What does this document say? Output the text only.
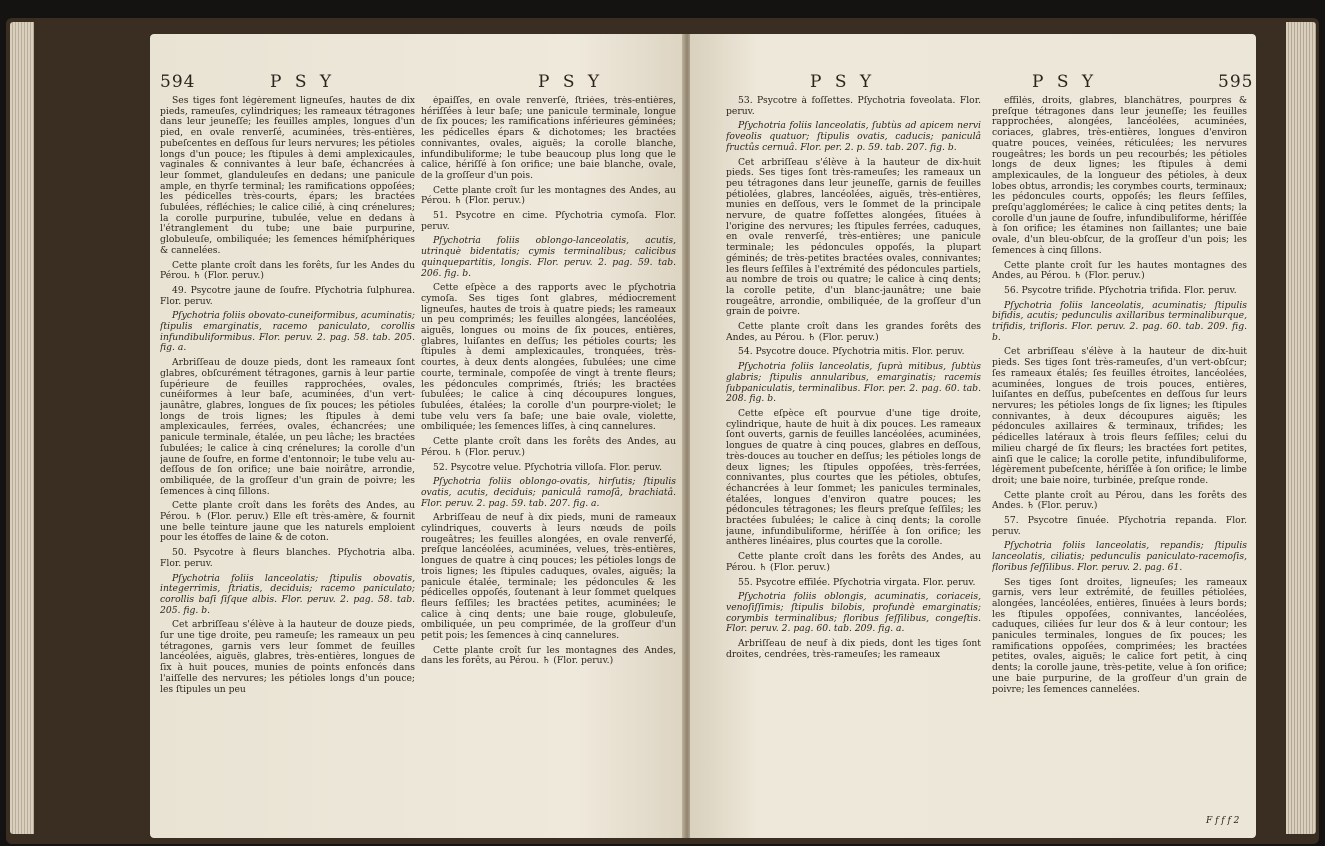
594	P S Y	P S Y

Ses tiges font légèrement ligneuſes, hautes de dix pieds, rameuſes, cylindriques; les rameaux tétragones dans leur jeuneſſe; les feuilles amples, longues d'un pied, en ovale renverſé, acuminées, très-entières, pubeſcentes en deſſous ſur leurs nervures; les pétioles longs d'un pouce; les ſtipules à demi amplexicaules, vaginales & connivantes à leur baſe, échancrées à leur ſommet, glanduleuſes en dedans; une panicule ample, en thyrſe terminal; les ramifications oppoſées; les pédicelles très-courts, épars; les bractées ſubulées, réfléchies; le calice cilié, à cinq crénelures; la corolle purpurine, tubulée, velue en dedans à l'étranglement du tube; une baie purpurine, globuleuſe, ombiliquée; les ſemences hémiſphériques & cannelées.

Cette plante croît dans les forêts, ſur les Andes du Pérou. ♄ (Flor. peruv.)

49. Psycotre jaune de ſoufre. Pſychotria ſulphurea. Flor. peruv.

Pſychotria foliis obovato-cuneiformibus, acuminatis; ſtipulis emarginatis, racemo paniculato, corollis infundibuliformibus. Flor. peruv. 2. pag. 58. tab. 205. fig. a.

Arbriſſeau de douze pieds, dont les rameaux ſont glabres, obſcurément tétragones, garnis à leur partie ſupérieure de feuilles rapprochées, ovales, cunéiformes à leur baſe, acuminées, d'un vert-jaunâtre, glabres, longues de ſix pouces; les pétioles longs de trois lignes; les ſtipules à demi amplexicaules, ferrées, ovales, échancrées; une panicule terminale, étalée, un peu lâche; les bractées ſubulées; le calice à cinq crénelures; la corolle d'un jaune de ſoufre, en forme d'entonnoir; le tube velu au-deſſous de ſon orifice; une baie noirâtre, arrondie, ombiliquée, de la groſſeur d'un grain de poivre; les ſemences à cinq ſillons.

Cette plante croît dans les forêts des Andes, au Pérou. ♄ (Flor. peruv.) Elle eſt très-amère, & fournit une belle teinture jaune que les naturels emploient pour les étoffes de laine & de coton.

50. Psycotre à fleurs blanches. Pſychotria alba. Flor. peruv.

Pſychotria foliis lanceolatis; ſtipulis obovatis, integerrimis, ſtriatis, deciduis; racemo paniculato; corollis baſi ſiſque albis. Flor. peruv. 2. pag. 58. tab. 205. fig. b.

Cet arbriſſeau s'élève à la hauteur de douze pieds, ſur une tige droite, peu rameuſe; les rameaux un peu tétragones, garnis vers leur ſommet de feuilles lancéolées, aiguës, glabres, très-entières, longues de ſix à huit pouces, munies de points enfoncés dans l'aiſſelle des nervures; les pétioles longs d'un pouce; les ſtipules un peu

épaiſſes, en ovale renverſé, ſtriées, très-entières, hériſſées à leur baſe; une panicule terminale, longue de ſix pouces; les ramifications inférieures géminées; les pédicelles épars & dichotomes; les bractées connivantes, ovales, aiguës; la corolle blanche, infundibuliforme; le tube beaucoup plus long que le calice, hériſſé à ſon orifice; une baie blanche, ovale, de la groſſeur d'un pois.

Cette plante croît ſur les montagnes des Andes, au Pérou. ♄ (Flor. peruv.)

51. Psycotre en cime. Pſychotria cymoſa. Flor. peruv.

Pſychotria foliis oblongo-lanceolatis, acutis, utrinquè bidentatis; cymis terminalibus; calicibus quinquepartitis, longis. Flor. peruv. 2. pag. 59. tab. 206. fig. b.

Cette eſpèce a des rapports avec le pſychotria cymoſa. Ses tiges ſont glabres, médiocrement ligneuſes, hautes de trois à quatre pieds; les rameaux un peu comprimés; les feuilles alongées, lancéolées, aiguës, longues ou moins de ſix pouces, entières, glabres, luiſantes en deſſus; les pétioles courts; les ſtipules à demi amplexicaules, tronquées, très-courtes, à deux dents alongées, ſubulées; une cime courte, terminale, compoſée de vingt à trente fleurs; les pédoncules comprimés, ſtriés; les bractées ſubulées; le calice à cinq découpures longues, ſubulées, étalées; la corolle d'un pourpre-violet; le tube velu vers ſa baſe; une baie ovale, violette, ombiliquée; les ſemences liſſes, à cinq cannelures.

Cette plante croît dans les forêts des Andes, au Pérou. ♄ (Flor. peruv.)

52. Psycotre velue. Pſychotria villoſa. Flor. peruv.

Pſychotria foliis oblongo-ovatis, hirſutis; ſtipulis ovatis, acutis, deciduis; paniculâ ramoſâ, brachiatâ. Flor. peruv. 2. pag. 59. tab. 207. fig. a.

Arbriſſeau de neuf à dix pieds, muni de rameaux cylindriques, couverts à leurs nœuds de poils rougeâtres; les feuilles alongées, en ovale renverſé, preſque lancéolées, acuminées, velues, très-entières, longues de quatre à cinq pouces; les pétioles longs de trois lignes; les ſtipules caduques, ovales, aiguës; la panicule étalée, terminale; les pédoncules & les pédicelles oppoſés, ſoutenant à leur ſommet quelques fleurs ſeſſiles; les bractées petites, acuminées; le calice à cinq dents; une baie rouge, globuleuſe, ombiliquée, un peu comprimée, de la groſſeur d'un petit pois; les ſemences à cinq cannelures.

Cette plante croît ſur les montagnes des Andes, dans les forêts, au Pérou. ♄ (Flor. peruv.)

P S Y	P S Y	595

53. Psycotre à foſſettes. Pſychotria foveolata. Flor. peruv.

Pſychotria foliis lanceolatis, ſubtùs ad apicem nervi foveolis quatuor; ſtipulis ovatis, caducis; paniculâ fructûs cernuâ. Flor. per. 2. p. 59. tab. 207. fig. b.

Cet arbriſſeau s'élève à la hauteur de dix-huit pieds. Ses tiges ſont très-rameuſes; les rameaux un peu tétragones dans leur jeuneſſe, garnis de feuilles pétiolées, glabres, lancéolées, aiguës, très-entières, munies en deſſous, vers le ſommet de la principale nervure, de quatre foſſettes alongées, ſituées à l'origine des nervures; les ſtipules ferrées, caduques, en ovale renverſé, très-entières; une panicule terminale; les pédoncules oppoſés, la plupart géminés; de très-petites bractées ovales, connivantes; les fleurs ſeſſiles à l'extrémité des pédoncules partiels, au nombre de trois ou quatre; le calice à cinq dents; la corolle petite, d'un blanc-jaunâtre; une baie rougeâtre, arrondie, ombiliquée, de la groſſeur d'un grain de poivre.

Cette plante croît dans les grandes forêts des Andes, au Pérou. ♄ (Flor. peruv.)

54. Psycotre douce. Pſychotria mitis. Flor. peruv.

Pſychotria foliis lanceolatis, ſuprà mitibus, ſubtùs glabris; ſtipulis annularibus, emarginatis; racemis ſubpaniculatis, terminalibus. Flor. per. 2. pag. 60. tab. 208. fig. b.

Cette eſpèce eſt pourvue d'une tige droite, cylindrique, haute de huit à dix pouces. Les rameaux ſont ouverts, garnis de feuilles lancéolées, acuminées, longues de quatre à cinq pouces, glabres en deſſous, très-douces au toucher en deſſus; les pétioles longs de deux lignes; les ſtipules oppoſées, très-ferrées, connivantes, plus courtes que les pétioles, obtuſes, échancrées à leur ſommet; les panicules terminales, étalées, longues d'environ quatre pouces; les pédoncules tétragones; les fleurs preſque ſeſſiles; les bractées ſubulées; le calice à cinq dents; la corolle jaune, infundibuliforme, hériſſée à ſon orifice; les anthères linéaires, plus courtes que la corolle.

Cette plante croît dans les forêts des Andes, au Pérou. ♄ (Flor. peruv.)

55. Psycotre effilée. Pſychotria virgata. Flor. peruv.

Pſychotria foliis oblongis, acuminatis, coriaceis, venoſiſſimis; ſtipulis bilobis, profundè emarginatis; corymbis terminalibus; floribus ſeſſilibus, congeſtis. Flor. peruv. 2. pag. 60. tab. 209. fig. a.

Arbriſſeau de neuf à dix pieds, dont les tiges ſont droites, cendrées, très-rameuſes; les rameaux

effilés, droits, glabres, blanchâtres, pourpres & preſque tétragones dans leur jeuneſſe; les feuilles rapprochées, alongées, lancéolées, acuminées, coriaces, glabres, très-entières, longues d'environ quatre pouces, veinées, réticulées; les nervures rougeâtres; les bords un peu recourbés; les pétioles longs de deux lignes; les ſtipules à demi amplexicaules, de la longueur des pétioles, à deux lobes obtus, arrondis; les corymbes courts, terminaux; les pédoncules courts, oppoſés; les fleurs ſeſſiles, preſqu'agglomérées; le calice à cinq petites dents; la corolle d'un jaune de ſoufre, infundibuliforme, hériſſée à ſon orifice; les étamines non ſaillantes; une baie ovale, d'un bleu-obſcur, de la groſſeur d'un pois; les ſemences à cinq ſillons.

Cette plante croît ſur les hautes montagnes des Andes, au Pérou. ♄ (Flor. peruv.)

56. Psycotre trifide. Pſychotria trifida. Flor. peruv.

Pſychotria foliis lanceolatis, acuminatis; ſtipulis bifidis, acutis; pedunculis axillaribus terminaliburque, trifidis, trifloris. Flor. peruv. 2. pag. 60. tab. 209. fig. b.

Cet arbriſſeau s'élève à la hauteur de dix-huit pieds. Ses tiges ſont très-rameuſes, d'un vert-obſcur; ſes rameaux étalés; ſes feuilles étroites, lancéolées, acuminées, longues de trois pouces, entières, luiſantes en deſſus, pubeſcentes en deſſous ſur leurs nervures; les pétioles longs de ſix lignes; les ſtipules connivantes, à deux découpures aiguës; les pédoncules axillaires & terminaux, trifides; les pédicelles latéraux à trois fleurs ſeſſiles; celui du milieu chargé de ſix fleurs; les bractées fort petites, ainſi que le calice; la corolle petite, infundibuliforme, légèrement pubeſcente, hériſſée à ſon orifice; le limbe droit; une baie noire, turbinée, preſque ronde.

Cette plante croît au Pérou, dans les forêts des Andes. ♄ (Flor. peruv.)

57. Psycotre ſinuée. Pſychotria repanda. Flor. peruv.

Pſychotria foliis lanceolatis, repandis; ſtipulis lanceolatis, ciliatis; pedunculis paniculato-racemoſis, floribus ſeſſilibus. Flor. peruv. 2. pag. 61.

Ses tiges ſont droites, ligneuſes; les rameaux garnis, vers leur extrémité, de feuilles pétiolées, alongées, lancéolées, entières, ſinuées à leurs bords; les ſtipules oppoſées, connivantes, lancéolées, caduques, ciliées ſur leur dos & à leur contour; les panicules terminales, longues de ſix pouces; les ramifications oppoſées, comprimées; les bractées petites, ovales, aiguës; le calice fort petit, à cinq dents; la corolle jaune, très-petite, velue à ſon orifice; une baie purpurine, de la groſſeur d'un grain de poivre; les ſemences cannelées.

F f f f 2
